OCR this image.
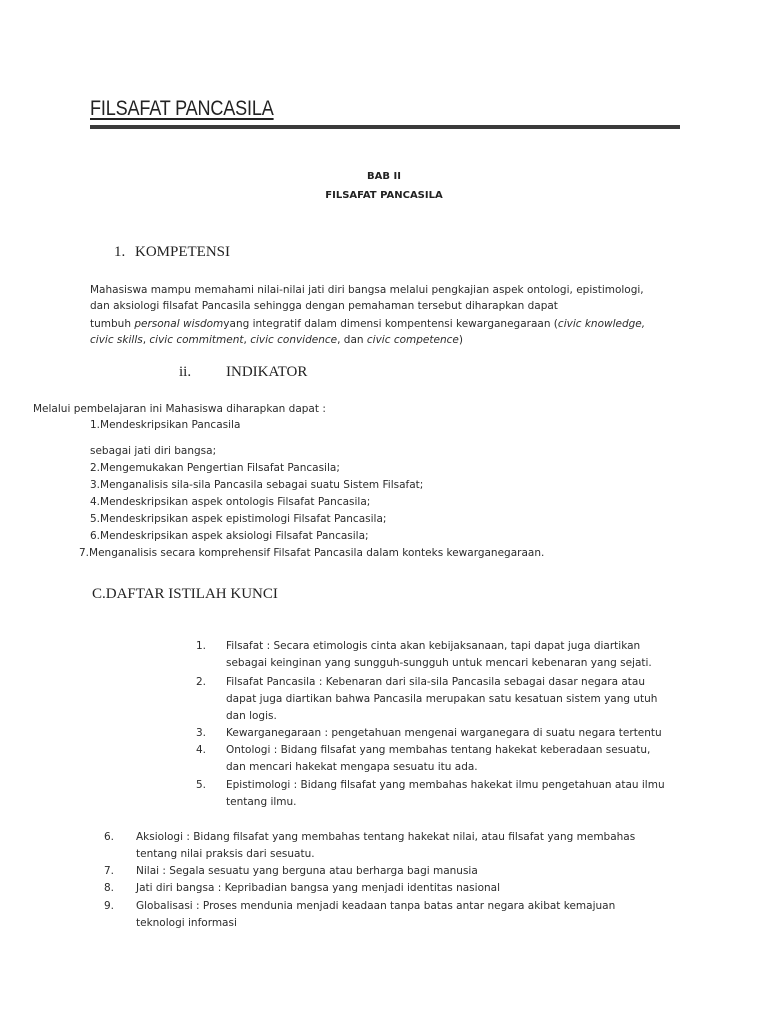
FILSAFAT PANCASILA
BAB II
FILSAFAT PANCASILA
1. KOMPETENSI
Mahasiswa mampu memahami nilai-nilai jati diri bangsa melalui pengkajian aspek ontologi, epistimologi,
dan aksiologi filsafat Pancasila sehingga dengan pemahaman tersebut diharapkan dapat
tumbuh personal wisdomyang integratif dalam dimensi kompentensi kewarganegaraan (civic knowledge,
civic skills, civic commitment, civic convidence, dan civic competence)
ii. INDIKATOR
Melalui pembelajaran ini Mahasiswa diharapkan dapat :
1.Mendeskripsikan Pancasila
sebagai jati diri bangsa;
2.Mengemukakan Pengertian Filsafat Pancasila;
3.Menganalisis sila-sila Pancasila sebagai suatu Sistem Filsafat;
4.Mendeskripsikan aspek ontologis Filsafat Pancasila;
5.Mendeskripsikan aspek epistimologi Filsafat Pancasila;
6.Mendeskripsikan aspek aksiologi Filsafat Pancasila;
7.Menganalisis secara komprehensif Filsafat Pancasila dalam konteks kewarganegaraan.
C.DAFTAR ISTILAH KUNCI
1. Filsafat : Secara etimologis cinta akan kebijaksanaan, tapi dapat juga diartikan
sebagai keinginan yang sungguh-sungguh untuk mencari kebenaran yang sejati.
2. Filsafat Pancasila : Kebenaran dari sila-sila Pancasila sebagai dasar negara atau
dapat juga diartikan bahwa Pancasila merupakan satu kesatuan sistem yang utuh
dan logis.
3. Kewarganegaraan : pengetahuan mengenai warganegara di suatu negara tertentu
4. Ontologi : Bidang filsafat yang membahas tentang hakekat keberadaan sesuatu,
dan mencari hakekat mengapa sesuatu itu ada.
5. Epistimologi : Bidang filsafat yang membahas hakekat ilmu pengetahuan atau ilmu
tentang ilmu.
6. Aksiologi : Bidang filsafat yang membahas tentang hakekat nilai, atau filsafat yang membahas
tentang nilai praksis dari sesuatu.
7. Nilai : Segala sesuatu yang berguna atau berharga bagi manusia
8. Jati diri bangsa : Kepribadian bangsa yang menjadi identitas nasional
9. Globalisasi : Proses mendunia menjadi keadaan tanpa batas antar negara akibat kemajuan
teknologi informasi
